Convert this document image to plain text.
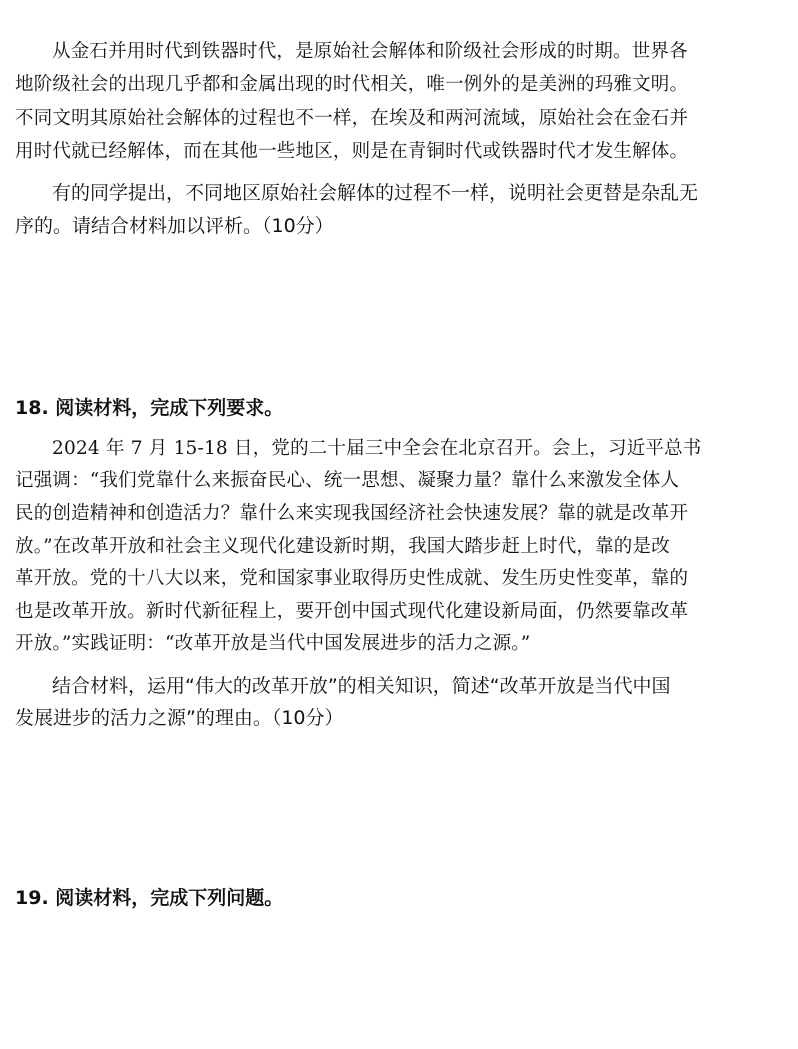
从金石并用时代到铁器时代，是原始社会解体和阶级社会形成的时期。世界各
地阶级社会的出现几乎都和金属出现的时代相关，唯一例外的是美洲的玛雅文明。
不同文明其原始社会解体的过程也不一样，在埃及和两河流域，原始社会在金石并
用时代就已经解体，而在其他一些地区，则是在青铜时代或铁器时代才发生解体。
有的同学提出，不同地区原始社会解体的过程不一样，说明社会更替是杂乱无
序的。请结合材料加以评析。（10分）
18. 阅读材料，完成下列要求。
2024 年 7 月 15-18 日，党的二十届三中全会在北京召开。会上，习近平总书
记强调：“我们党靠什么来振奋民心、统一思想、凝聚力量？靠什么来激发全体人
民的创造精神和创造活力？靠什么来实现我国经济社会快速发展？靠的就是改革开
放。”在改革开放和社会主义现代化建设新时期，我国大踏步赶上时代，靠的是改
革开放。党的十八大以来，党和国家事业取得历史性成就、发生历史性变革，靠的
也是改革开放。新时代新征程上，要开创中国式现代化建设新局面，仍然要靠改革
开放。”实践证明：“改革开放是当代中国发展进步的活力之源。”
结合材料，运用“伟大的改革开放”的相关知识，简述“改革开放是当代中国
发展进步的活力之源”的理由。（10分）
19. 阅读材料，完成下列问题。
